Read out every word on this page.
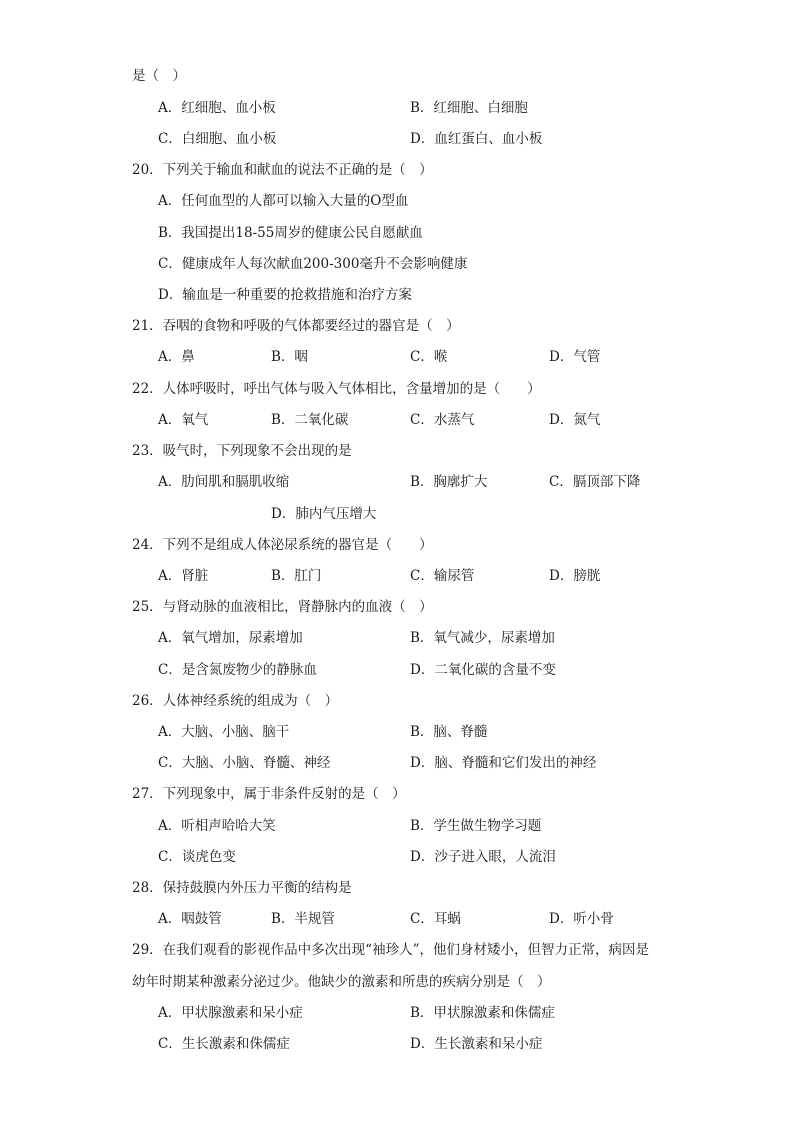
是（　）
A．红细胞、血小板	B．红细胞、白细胞
C．白细胞、血小板	D．血红蛋白、血小板
20．下列关于输血和献血的说法不正确的是（　）
A．任何血型的人都可以输入大量的O型血
B．我国提出18-55周岁的健康公民自愿献血
C．健康成年人每次献血200-300毫升不会影响健康
D．输血是一种重要的抢救措施和治疗方案
21．吞咽的食物和呼吸的气体都要经过的器官是（　）
A．鼻	B．咽	C．喉	D．气管
22．人体呼吸时，呼出气体与吸入气体相比，含量增加的是（　　）
A．氧气	B．二氧化碳	C．水蒸气	D．氮气
23．吸气时，下列现象不会出现的是
A．肋间肌和膈肌收缩	B．胸廓扩大	C．膈顶部下降
D．肺内气压增大
24．下列不是组成人体泌尿系统的器官是（　　）
A．肾脏	B．肛门	C．输尿管	D．膀胱
25．与肾动脉的血液相比，肾静脉内的血液（　）
A．氧气增加，尿素增加	B．氧气减少，尿素增加
C．是含氮废物少的静脉血	D．二氧化碳的含量不变
26．人体神经系统的组成为（　）
A．大脑、小脑、脑干	B．脑、脊髓
C．大脑、小脑、脊髓、神经	D．脑、脊髓和它们发出的神经
27．下列现象中，属于非条件反射的是（　）
A．听相声哈哈大笑	B．学生做生物学习题
C．谈虎色变	D．沙子进入眼，人流泪
28．保持鼓膜内外压力平衡的结构是
A．咽鼓管	B．半规管	C．耳蜗	D．听小骨
29．在我们观看的影视作品中多次出现“袖珍人”，他们身材矮小，但智力正常，病因是
幼年时期某种激素分泌过少。他缺少的激素和所患的疾病分别是（　）
A．甲状腺激素和呆小症	B．甲状腺激素和侏儒症
C．生长激素和侏儒症	D．生长激素和呆小症
